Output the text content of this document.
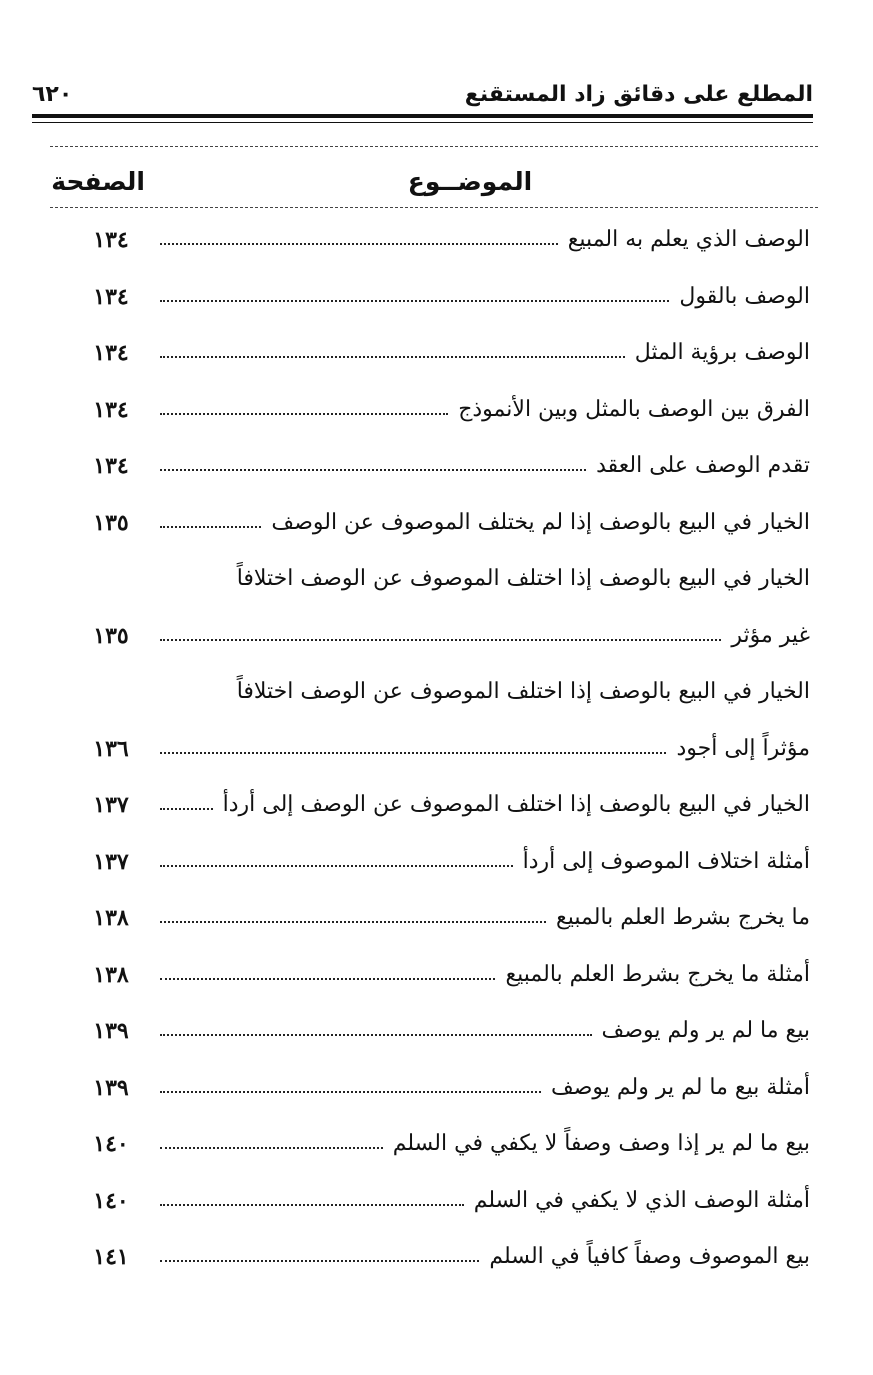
المطلع على دقائق زاد المستقنع
٦٢٠
الموضــوع
الصفحة
الوصف الذي يعلم به المبيع
١٣٤
الوصف بالقول
١٣٤
الوصف برؤية المثل
١٣٤
الفرق بين الوصف بالمثل وبين الأنموذج
١٣٤
تقدم الوصف على العقد
١٣٤
الخيار في البيع بالوصف إذا لم يختلف الموصوف عن الوصف
١٣٥
الخيار في البيع بالوصف إذا اختلف الموصوف عن الوصف اختلافاً
غير مؤثر
١٣٥
الخيار في البيع بالوصف إذا اختلف الموصوف عن الوصف اختلافاً
مؤثراً إلى أجود
١٣٦
الخيار في البيع بالوصف إذا اختلف الموصوف عن الوصف إلى أردأ
١٣٧
أمثلة اختلاف الموصوف إلى أردأ
١٣٧
ما يخرج بشرط العلم بالمبيع
١٣٨
أمثلة ما يخرج بشرط العلم بالمبيع
١٣٨
بيع ما لم ير ولم يوصف
١٣٩
أمثلة بيع ما لم ير ولم يوصف
١٣٩
بيع ما لم ير إذا وصف وصفاً لا يكفي في السلم
١٤٠
أمثلة الوصف الذي لا يكفي في السلم
١٤٠
بيع الموصوف وصفاً كافياً في السلم
١٤١
